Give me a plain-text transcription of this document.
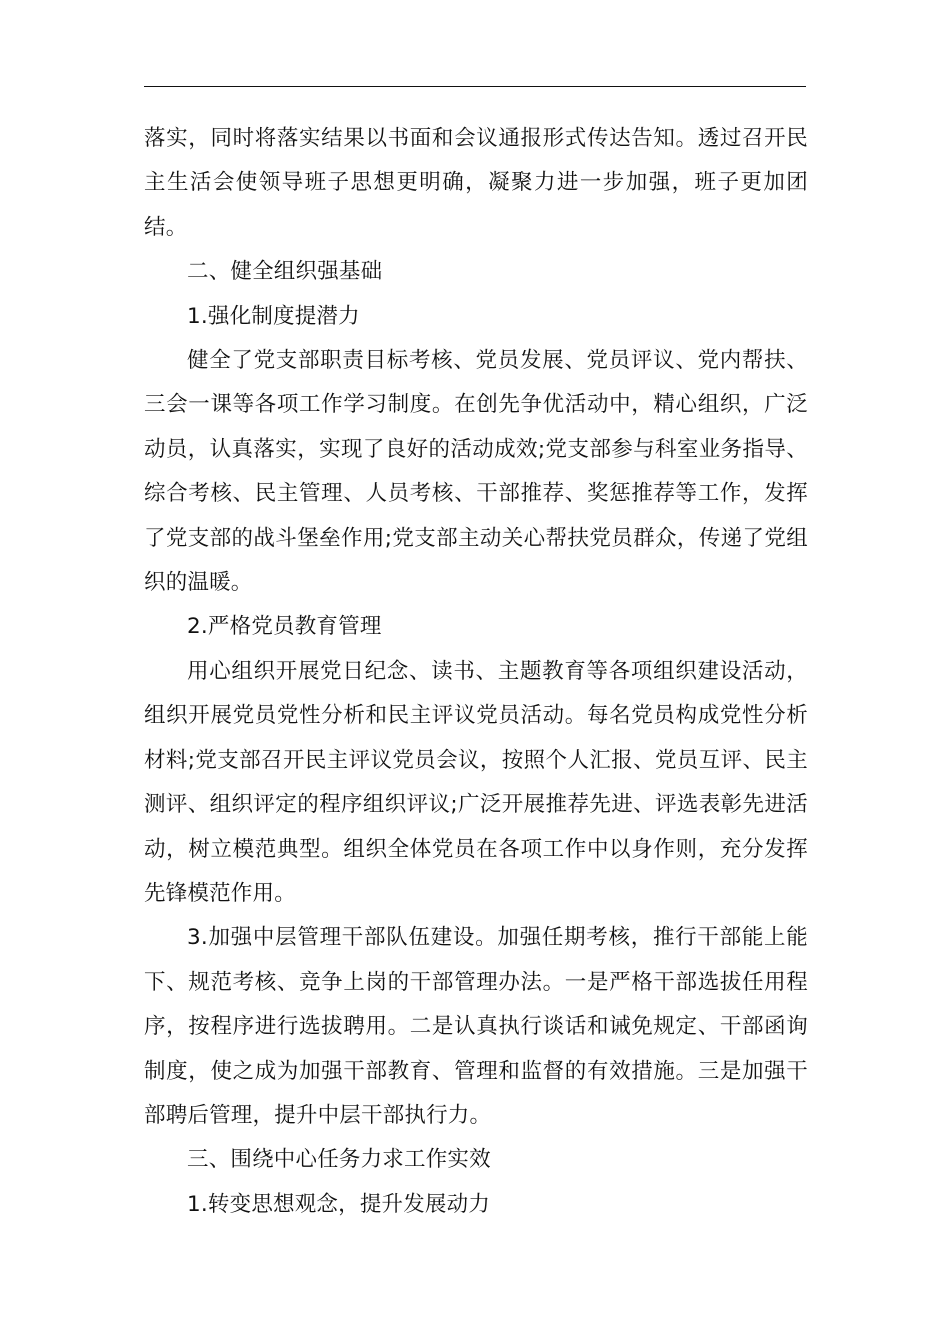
落实，同时将落实结果以书面和会议通报形式传达告知。透过召开民主生活会使领导班子思想更明确，凝聚力进一步加强，班子更加团结。

二、健全组织强基础

1.强化制度提潜力

健全了党支部职责目标考核、党员发展、党员评议、党内帮扶、三会一课等各项工作学习制度。在创先争优活动中，精心组织，广泛动员，认真落实，实现了良好的活动成效;党支部参与科室业务指导、综合考核、民主管理、人员考核、干部推荐、奖惩推荐等工作，发挥了党支部的战斗堡垒作用;党支部主动关心帮扶党员群众，传递了党组织的温暖。

2.严格党员教育管理

用心组织开展党日纪念、读书、主题教育等各项组织建设活动，组织开展党员党性分析和民主评议党员活动。每名党员构成党性分析材料;党支部召开民主评议党员会议，按照个人汇报、党员互评、民主测评、组织评定的程序组织评议;广泛开展推荐先进、评选表彰先进活动，树立模范典型。组织全体党员在各项工作中以身作则，充分发挥先锋模范作用。

3.加强中层管理干部队伍建设。加强任期考核，推行干部能上能下、规范考核、竞争上岗的干部管理办法。一是严格干部选拔任用程序，按程序进行选拔聘用。二是认真执行谈话和诫免规定、干部函询制度，使之成为加强干部教育、管理和监督的有效措施。三是加强干部聘后管理，提升中层干部执行力。

三、围绕中心任务力求工作实效

1.转变思想观念，提升发展动力
